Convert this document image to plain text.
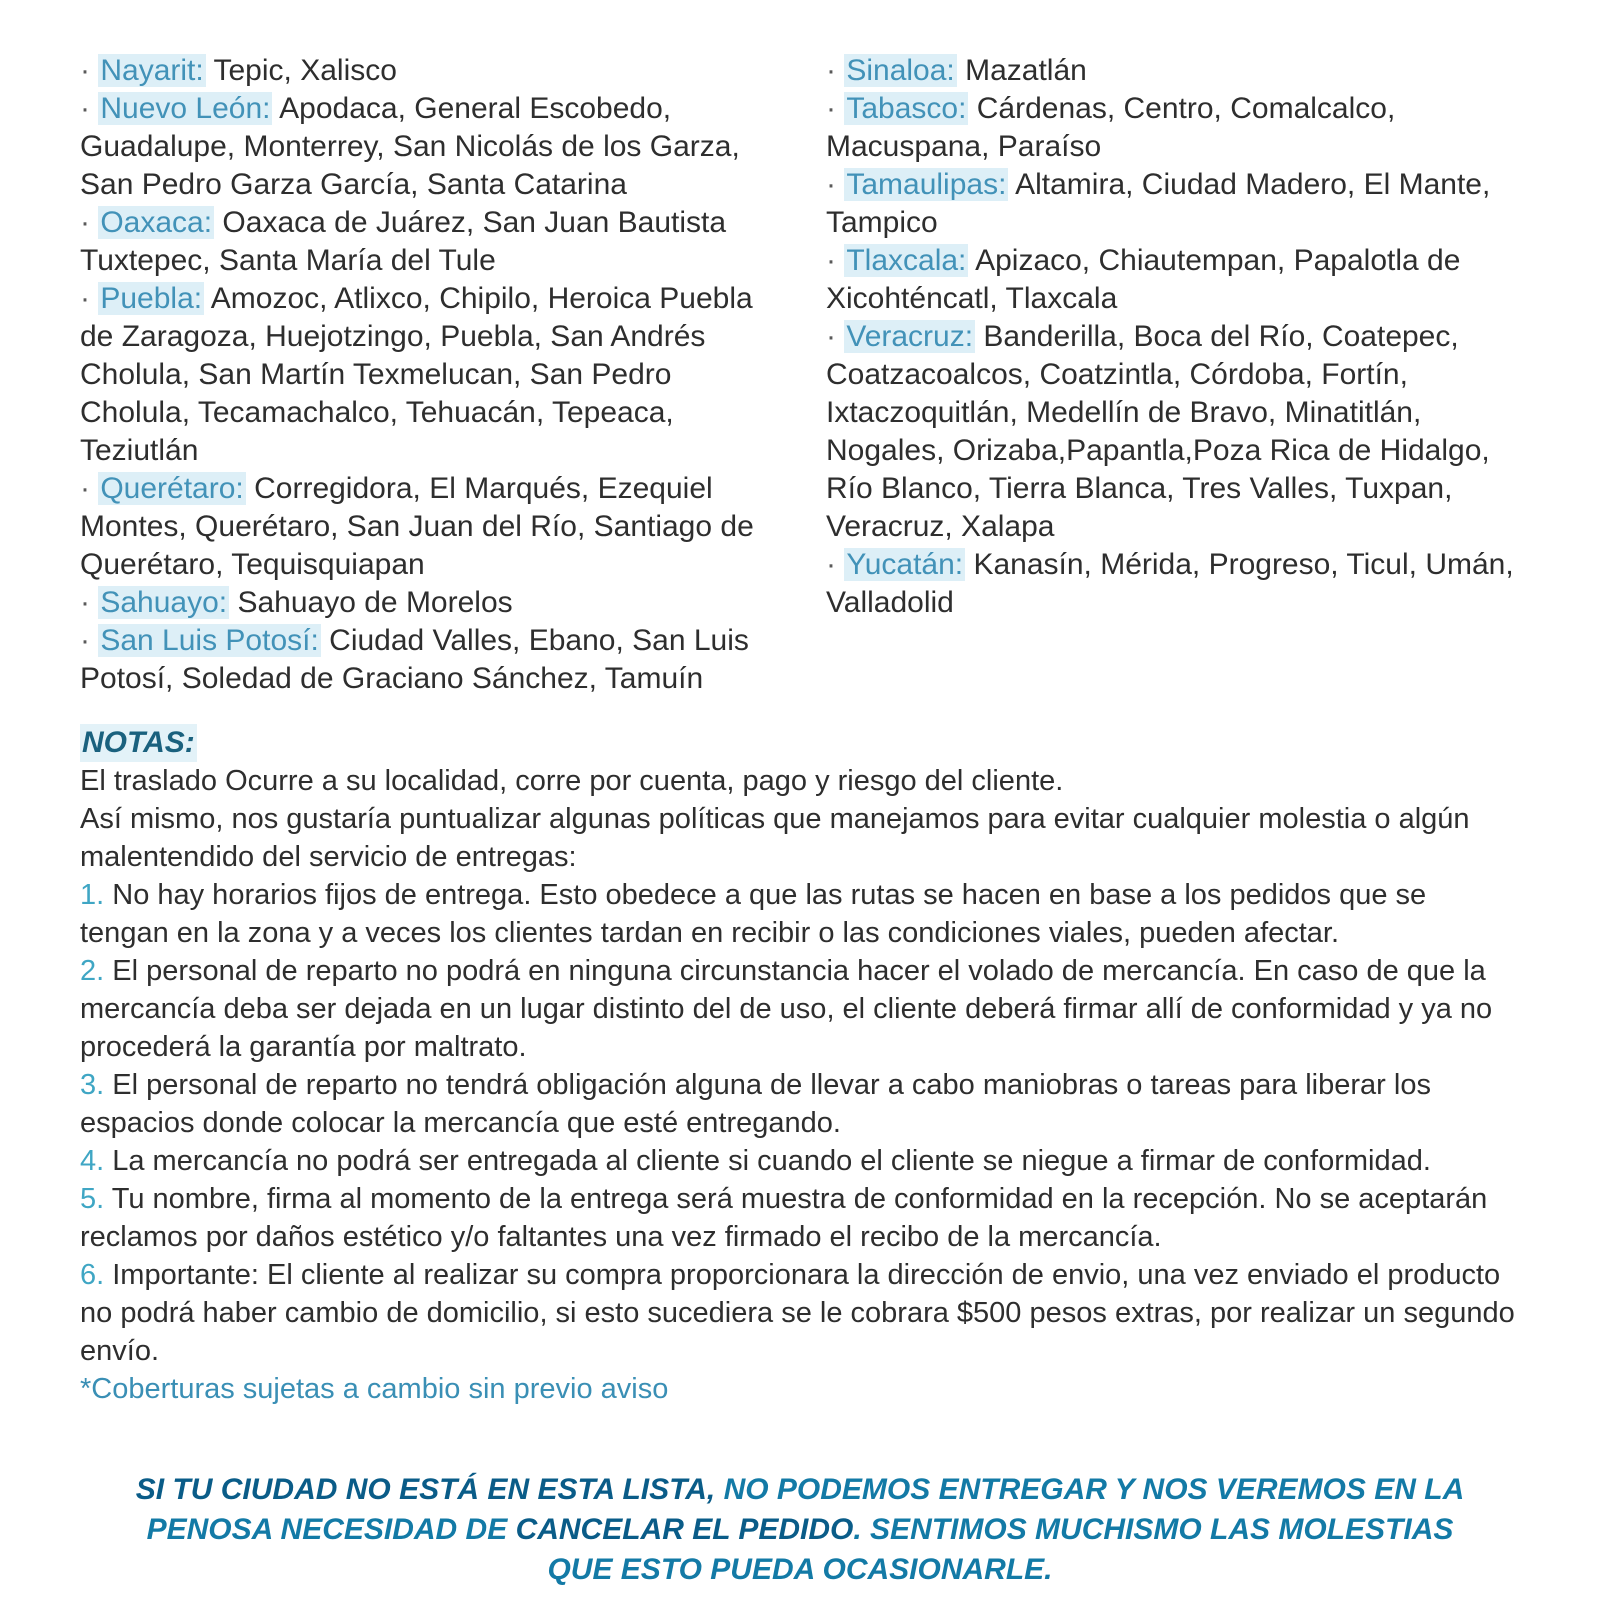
· Nayarit: Tepic, Xalisco

· Nuevo León: Apodaca, General Escobedo, Guadalupe, Monterrey, San Nicolás de los Garza, San Pedro Garza García, Santa Catarina

· Oaxaca: Oaxaca de Juárez, San Juan Bautista Tuxtepec, Santa María del Tule

· Puebla: Amozoc, Atlixco, Chipilo, Heroica Puebla de Zaragoza, Huejotzingo, Puebla, San Andrés Cholula, San Martín Texmelucan, San Pedro Cholula, Tecamachalco, Tehuacán, Tepeaca, Teziutlán

· Querétaro: Corregidora, El Marqués, Ezequiel Montes, Querétaro, San Juan del Río, Santiago de Querétaro, Tequisquiapan

· Sahuayo: Sahuayo de Morelos

· San Luis Potosí: Ciudad Valles, Ebano, San Luis Potosí, Soledad de Graciano Sánchez, Tamuín

· Sinaloa: Mazatlán

· Tabasco: Cárdenas, Centro, Comalcalco, Macuspana, Paraíso

· Tamaulipas: Altamira, Ciudad Madero, El Mante, Tampico

· Tlaxcala: Apizaco, Chiautempan, Papalotla de Xicohténcatl, Tlaxcala

· Veracruz: Banderilla, Boca del Río, Coatepec, Coatzacoalcos, Coatzintla, Córdoba, Fortín, Ixtaczoquitlán, Medellín de Bravo, Minatitlán, Nogales, Orizaba,Papantla,Poza Rica de Hidalgo, Río Blanco, Tierra Blanca, Tres Valles, Tuxpan, Veracruz, Xalapa

· Yucatán: Kanasín, Mérida, Progreso, Ticul, Umán, Valladolid

NOTAS:

El traslado Ocurre a su localidad, corre por cuenta, pago y riesgo del cliente.

Así mismo, nos gustaría puntualizar algunas políticas que manejamos para evitar cualquier molestia o algún malentendido del servicio de entregas:

1. No hay horarios fijos de entrega. Esto obedece a que las rutas se hacen en base a los pedidos que se tengan en la zona y a veces los clientes tardan en recibir o las condiciones viales, pueden afectar.

2. El personal de reparto no podrá en ninguna circunstancia hacer el volado de mercancía. En caso de que la mercancía deba ser dejada en un lugar distinto del de uso, el cliente deberá firmar allí de conformidad y ya no procederá la garantía por maltrato.

3. El personal de reparto no tendrá obligación alguna de llevar a cabo maniobras o tareas para liberar los espacios donde colocar la mercancía que esté entregando.

4. La mercancía no podrá ser entregada al cliente si cuando el cliente se niegue a firmar de conformidad.

5. Tu nombre, firma al momento de la entrega será muestra de conformidad en la recepción. No se aceptarán reclamos por daños estético y/o faltantes una vez firmado el recibo de la mercancía.

6. Importante: El cliente al realizar su compra proporcionara la dirección de envio, una vez enviado el producto no podrá haber cambio de domicilio, si esto sucediera se le cobrara $500 pesos extras, por realizar un segundo envío.

*Coberturas sujetas a cambio sin previo aviso

SI TU CIUDAD NO ESTÁ EN ESTA LISTA, NO PODEMOS ENTREGAR Y NOS VEREMOS EN LA PENOSA NECESIDAD DE CANCELAR EL PEDIDO. SENTIMOS MUCHISMO LAS MOLESTIAS QUE ESTO PUEDA OCASIONARLE.
